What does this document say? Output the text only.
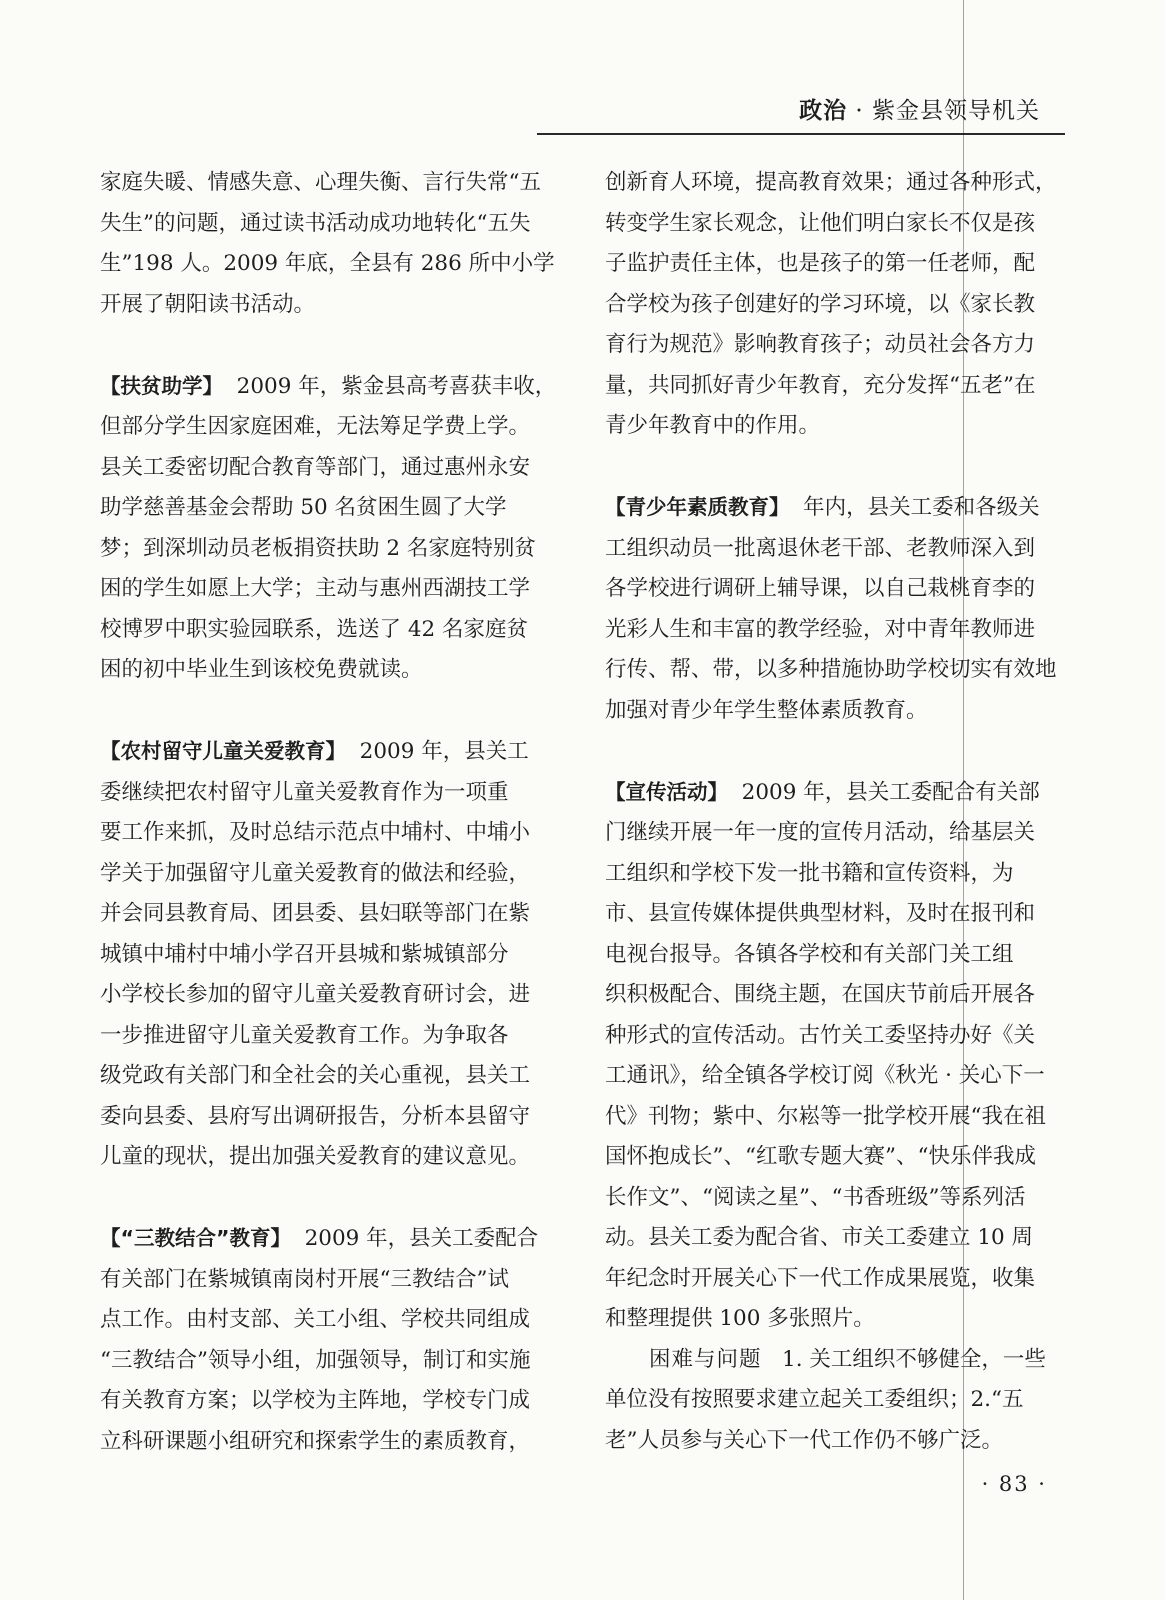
政治 · 紫金县领导机关
家庭失暖、情感失意、心理失衡、言行失常“五
失生”的问题，通过读书活动成功地转化“五失
生”198 人。2009 年底，全县有 286 所中小学
开展了朝阳读书活动。
【扶贫助学】 2009 年，紫金县高考喜获丰收，
但部分学生因家庭困难，无法筹足学费上学。
县关工委密切配合教育等部门，通过惠州永安
助学慈善基金会帮助 50 名贫困生圆了大学
梦；到深圳动员老板捐资扶助 2 名家庭特别贫
困的学生如愿上大学；主动与惠州西湖技工学
校博罗中职实验园联系，选送了 42 名家庭贫
困的初中毕业生到该校免费就读。
【农村留守儿童关爱教育】 2009 年，县关工
委继续把农村留守儿童关爱教育作为一项重
要工作来抓，及时总结示范点中埔村、中埔小
学关于加强留守儿童关爱教育的做法和经验，
并会同县教育局、团县委、县妇联等部门在紫
城镇中埔村中埔小学召开县城和紫城镇部分
小学校长参加的留守儿童关爱教育研讨会，进
一步推进留守儿童关爱教育工作。为争取各
级党政有关部门和全社会的关心重视，县关工
委向县委、县府写出调研报告，分析本县留守
儿童的现状，提出加强关爱教育的建议意见。
【“三教结合”教育】 2009 年，县关工委配合
有关部门在紫城镇南岗村开展“三教结合”试
点工作。由村支部、关工小组、学校共同组成
“三教结合”领导小组，加强领导，制订和实施
有关教育方案；以学校为主阵地，学校专门成
立科研课题小组研究和探索学生的素质教育，
创新育人环境，提高教育效果；通过各种形式，
转变学生家长观念，让他们明白家长不仅是孩
子监护责任主体，也是孩子的第一任老师，配
合学校为孩子创建好的学习环境，以《家长教
育行为规范》影响教育孩子；动员社会各方力
量，共同抓好青少年教育，充分发挥“五老”在
青少年教育中的作用。
【青少年素质教育】 年内，县关工委和各级关
工组织动员一批离退休老干部、老教师深入到
各学校进行调研上辅导课，以自己栽桃育李的
光彩人生和丰富的教学经验，对中青年教师进
行传、帮、带，以多种措施协助学校切实有效地
加强对青少年学生整体素质教育。
【宣传活动】 2009 年，县关工委配合有关部
门继续开展一年一度的宣传月活动，给基层关
工组织和学校下发一批书籍和宣传资料，为
市、县宣传媒体提供典型材料，及时在报刊和
电视台报导。各镇各学校和有关部门关工组
织积极配合、围绕主题，在国庆节前后开展各
种形式的宣传活动。古竹关工委坚持办好《关
工通讯》，给全镇各学校订阅《秋光 · 关心下一
代》刊物；紫中、尔崧等一批学校开展“我在祖
国怀抱成长”、“红歌专题大赛”、“快乐伴我成
长作文”、“阅读之星”、“书香班级”等系列活
动。县关工委为配合省、市关工委建立 10 周
年纪念时开展关心下一代工作成果展览，收集
和整理提供 100 多张照片。
困难与问题 1. 关工组织不够健全，一些
单位没有按照要求建立起关工委组织；2.“五
老”人员参与关心下一代工作仍不够广泛。
· 83 ·
